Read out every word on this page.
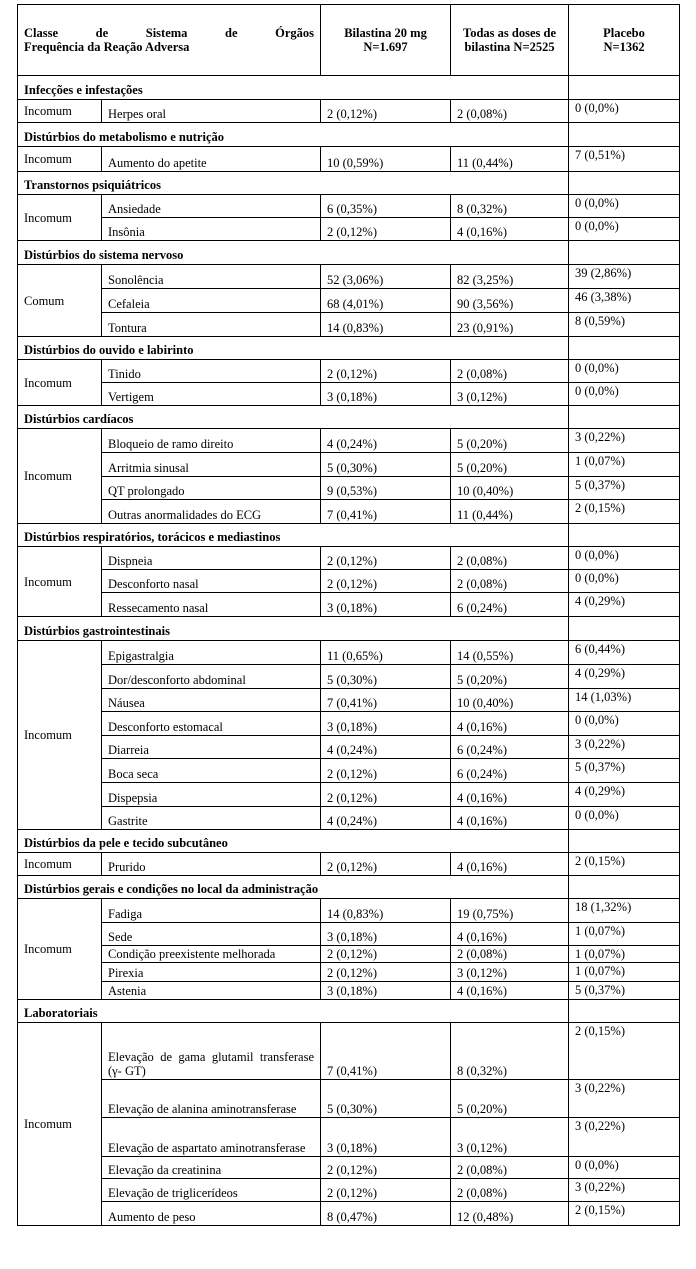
Classe de Sistema de Órgãos
Frequência da Reação Adversa		Bilastina 20 mg N=1.697	Todas as doses de bilastina N=2525	Placebo N=1362
Infecções e infestações				
Incomum	Herpes oral	2 (0,12%)	2 (0,08%)	0 (0,0%)
Distúrbios do metabolismo e nutrição				
Incomum	Aumento do apetite	10 (0,59%)	11 (0,44%)	7 (0,51%)
Transtornos psiquiátricos				
Incomum	Ansiedade	6 (0,35%)	8 (0,32%)	0 (0,0%)
	Insônia	2 (0,12%)	4 (0,16%)	0 (0,0%)
Distúrbios do sistema nervoso				
Comum	Sonolência	52 (3,06%)	82 (3,25%)	39 (2,86%)
	Cefaleia	68 (4,01%)	90 (3,56%)	46 (3,38%)
	Tontura	14 (0,83%)	23 (0,91%)	8 (0,59%)
Distúrbios do ouvido e labirinto				
Incomum	Tinido	2 (0,12%)	2 (0,08%)	0 (0,0%)
	Vertigem	3 (0,18%)	3 (0,12%)	0 (0,0%)
Distúrbios cardíacos				
Incomum	Bloqueio de ramo direito	4 (0,24%)	5 (0,20%)	3 (0,22%)
	Arritmia sinusal	5 (0,30%)	5 (0,20%)	1 (0,07%)
	QT prolongado	9 (0,53%)	10 (0,40%)	5 (0,37%)
	Outras anormalidades do ECG	7 (0,41%)	11 (0,44%)	2 (0,15%)
Distúrbios respiratórios, torácicos e mediastinos				
Incomum	Dispneia	2 (0,12%)	2 (0,08%)	0 (0,0%)
	Desconforto nasal	2 (0,12%)	2 (0,08%)	0 (0,0%)
	Ressecamento nasal	3 (0,18%)	6 (0,24%)	4 (0,29%)
Distúrbios gastrointestinais				
Incomum	Epigastralgia	11 (0,65%)	14 (0,55%)	6 (0,44%)
	Dor/desconforto abdominal	5 (0,30%)	5 (0,20%)	4 (0,29%)
	Náusea	7 (0,41%)	10 (0,40%)	14 (1,03%)
	Desconforto estomacal	3 (0,18%)	4 (0,16%)	0 (0,0%)
	Diarreia	4 (0,24%)	6 (0,24%)	3 (0,22%)
	Boca seca	2 (0,12%)	6 (0,24%)	5 (0,37%)
	Dispepsia	2 (0,12%)	4 (0,16%)	4 (0,29%)
	Gastrite	4 (0,24%)	4 (0,16%)	0 (0,0%)
Distúrbios da pele e tecido subcutâneo				
Incomum	Prurido	2 (0,12%)	4 (0,16%)	2 (0,15%)
Distúrbios gerais e condições no local da administração				
Incomum	Fadiga	14 (0,83%)	19 (0,75%)	18 (1,32%)
	Sede	3 (0,18%)	4 (0,16%)	1 (0,07%)
	Condição preexistente melhorada	2 (0,12%)	2 (0,08%)	1 (0,07%)
	Pirexia	2 (0,12%)	3 (0,12%)	1 (0,07%)
	Astenia	3 (0,18%)	4 (0,16%)	5 (0,37%)
Laboratoriais				
Incomum	Elevação de gama glutamil transferase (γ- GT)	7 (0,41%)	8 (0,32%)	2 (0,15%)
	Elevação de alanina aminotransferase	5 (0,30%)	5 (0,20%)	3 (0,22%)
	Elevação de aspartato aminotransferase	3 (0,18%)	3 (0,12%)	3 (0,22%)
	Elevação da creatinina	2 (0,12%)	2 (0,08%)	0 (0,0%)
	Elevação de triglicerídeos	2 (0,12%)	2 (0,08%)	3 (0,22%)
	Aumento de peso	8 (0,47%)	12 (0,48%)	2 (0,15%)
